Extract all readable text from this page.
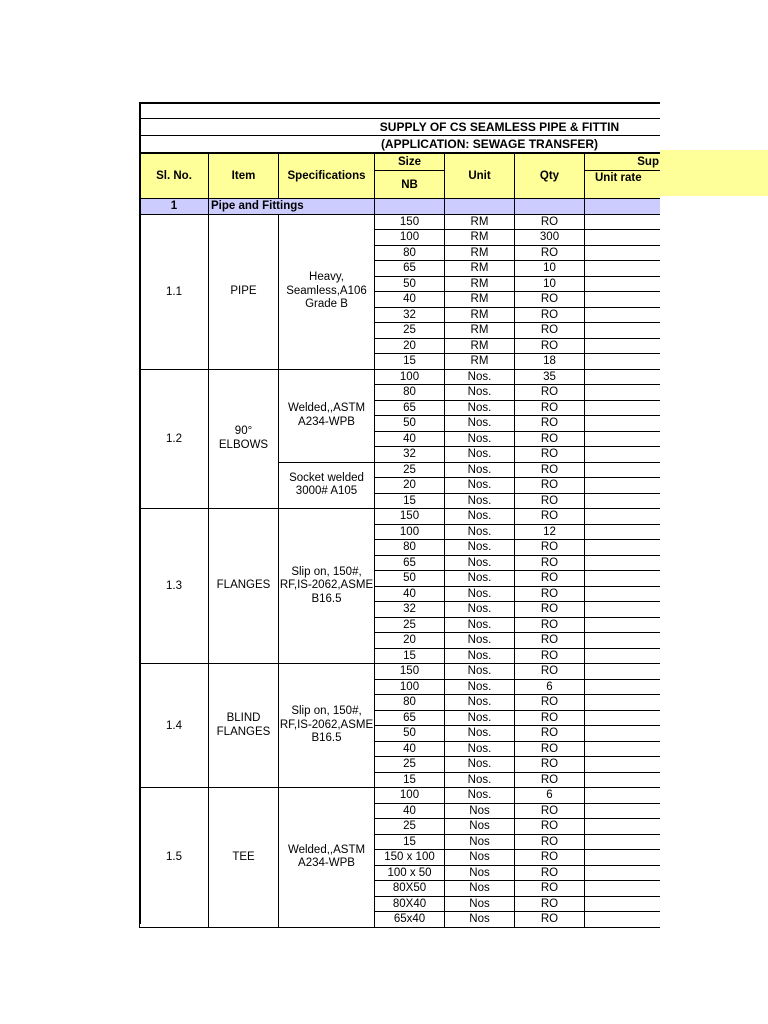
SUPPLY OF CS SEAMLESS PIPE & FITTIN
(APPLICATION: SEWAGE TRANSFER)
Sl. No.	Item	Specifications	Size	Unit	Qty	Sup
			NB			Unit rate
1	Pipe and Fittings					
1.1	PIPE	Heavy, Seamless,A106 Grade B	150	RM	RO	
			100	RM	300	
			80	RM	RO	
			65	RM	10	
			50	RM	10	
			40	RM	RO	
			32	RM	RO	
			25	RM	RO	
			20	RM	RO	
			15	RM	18	
1.2	90° ELBOWS	Welded,,ASTM A234-WPB	100	Nos.	35	
			80	Nos.	RO	
			65	Nos.	RO	
			50	Nos.	RO	
			40	Nos.	RO	
			32	Nos.	RO	
		Socket welded 3000# A105	25	Nos.	RO	
			20	Nos.	RO	
			15	Nos.	RO	
1.3	FLANGES	Slip on, 150#, RF,IS-2062,ASME B16.5	150	Nos.	RO	
			100	Nos.	12	
			80	Nos.	RO	
			65	Nos.	RO	
			50	Nos.	RO	
			40	Nos.	RO	
			32	Nos.	RO	
			25	Nos.	RO	
			20	Nos.	RO	
			15	Nos.	RO	
1.4	BLIND FLANGES	Slip on, 150#, RF,IS-2062,ASME B16.5	150	Nos.	RO	
			100	Nos.	6	
			80	Nos.	RO	
			65	Nos.	RO	
			50	Nos.	RO	
			40	Nos.	RO	
			25	Nos.	RO	
			15	Nos.	RO	
1.5	TEE	Welded,,ASTM A234-WPB	100	Nos.	6	
			40	Nos	RO	
			25	Nos	RO	
			15	Nos	RO	
			150 x 100	Nos	RO	
			100 x 50	Nos	RO	
			80X50	Nos	RO	
			80X40	Nos	RO	
			65x40	Nos	RO	
